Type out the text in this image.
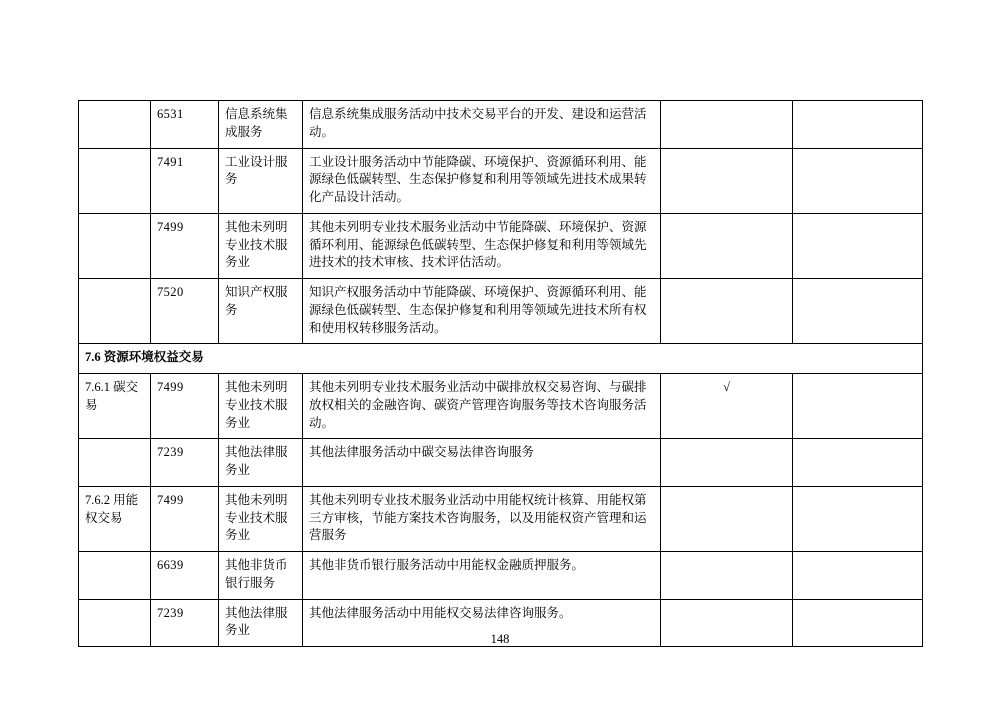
	6531	信息系统集成服务	信息系统集成服务活动中技术交易平台的开发、建设和运营活动。		
	7491	工业设计服务	工业设计服务活动中节能降碳、环境保护、资源循环利用、能源绿色低碳转型、生态保护修复和利用等领域先进技术成果转化产品设计活动。		
	7499	其他未列明专业技术服务业	其他未列明专业技术服务业活动中节能降碳、环境保护、资源循环利用、能源绿色低碳转型、生态保护修复和利用等领域先进技术的技术审核、技术评估活动。		
	7520	知识产权服务	知识产权服务活动中节能降碳、环境保护、资源循环利用、能源绿色低碳转型、生态保护修复和利用等领域先进技术所有权和使用权转移服务活动。		
7.6 资源环境权益交易					
7.6.1 碳交易	7499	其他未列明专业技术服务业	其他未列明专业技术服务业活动中碳排放权交易咨询、与碳排放权相关的金融咨询、碳资产管理咨询服务等技术咨询服务活动。	√	
	7239	其他法律服务业	其他法律服务活动中碳交易法律咨询服务		
7.6.2 用能权交易	7499	其他未列明专业技术服务业	其他未列明专业技术服务业活动中用能权统计核算、用能权第三方审核，节能方案技术咨询服务，以及用能权资产管理和运营服务		
	6639	其他非货币银行服务	其他非货币银行服务活动中用能权金融质押服务。		
	7239	其他法律服务业	其他法律服务活动中用能权交易法律咨询服务。		
148
